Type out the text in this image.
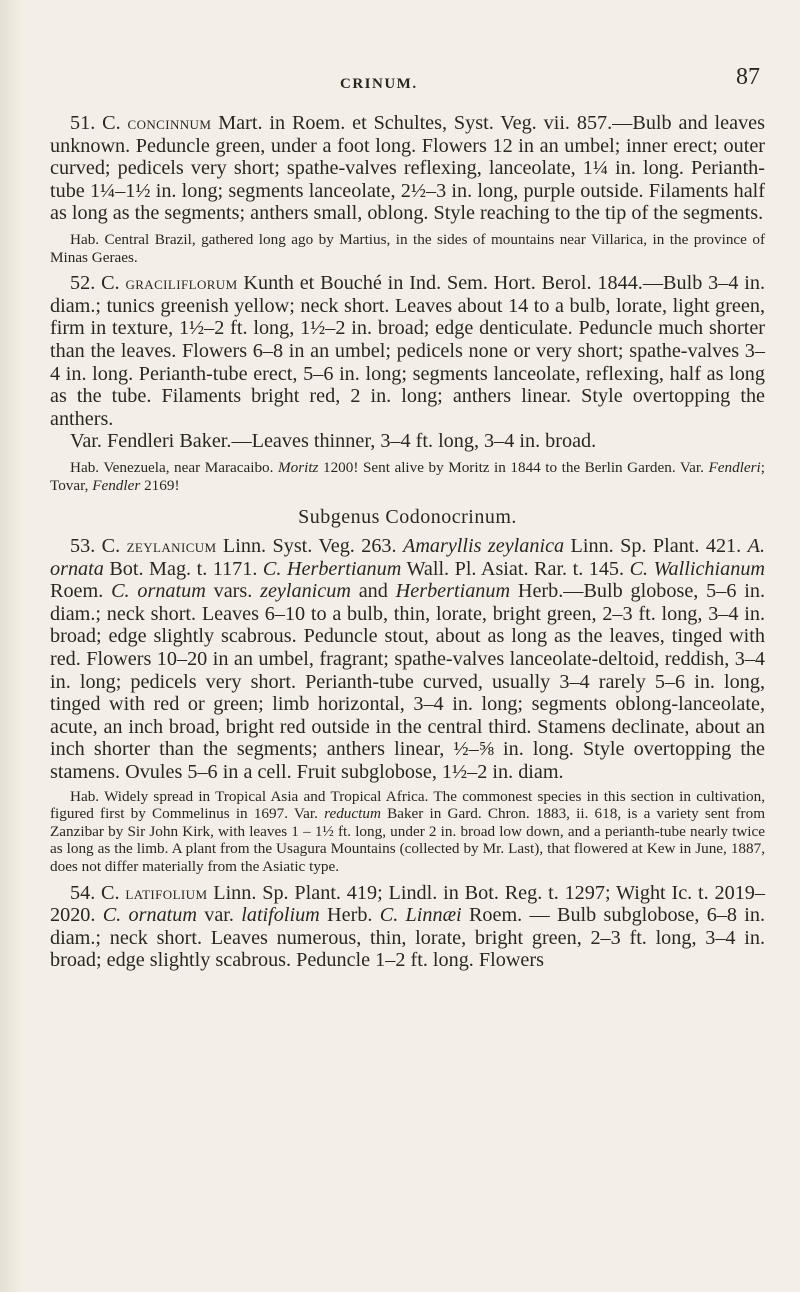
CRINUM.	87

51. C. concinnum Mart. in Roem. et Schultes, Syst. Veg. vii. 857.—Bulb and leaves unknown. Peduncle green, under a foot long. Flowers 12 in an umbel; inner erect; outer curved; pedicels very short; spathe-valves reflexing, lanceolate, 1¼ in. long. Perianth-tube 1¼–1½ in. long; segments lanceolate, 2½–3 in. long, purple outside. Filaments half as long as the segments; anthers small, oblong. Style reaching to the tip of the segments.

Hab. Central Brazil, gathered long ago by Martius, in the sides of mountains near Villarica, in the province of Minas Geraes.

52. C. graciliflorum Kunth et Bouché in Ind. Sem. Hort. Berol. 1844.—Bulb 3–4 in. diam.; tunics greenish yellow; neck short. Leaves about 14 to a bulb, lorate, light green, firm in texture, 1½–2 ft. long, 1½–2 in. broad; edge denticulate. Peduncle much shorter than the leaves. Flowers 6–8 in an umbel; pedicels none or very short; spathe-valves 3–4 in. long. Perianth-tube erect, 5–6 in. long; segments lanceolate, reflexing, half as long as the tube. Filaments bright red, 2 in. long; anthers linear. Style overtopping the anthers.

Var. Fendleri Baker.—Leaves thinner, 3–4 ft. long, 3–4 in. broad.

Hab. Venezuela, near Maracaibo. Moritz 1200! Sent alive by Moritz in 1844 to the Berlin Garden. Var. Fendleri; Tovar, Fendler 2169!

Subgenus Codonocrinum.

53. C. zeylanicum Linn. Syst. Veg. 263. Amaryllis zeylanica Linn. Sp. Plant. 421. A. ornata Bot. Mag. t. 1171. C. Herbertianum Wall. Pl. Asiat. Rar. t. 145. C. Wallichianum Roem. C. ornatum vars. zeylanicum and Herbertianum Herb.—Bulb globose, 5–6 in. diam.; neck short. Leaves 6–10 to a bulb, thin, lorate, bright green, 2–3 ft. long, 3–4 in. broad; edge slightly scabrous. Peduncle stout, about as long as the leaves, tinged with red. Flowers 10–20 in an umbel, fragrant; spathe-valves lanceolate-deltoid, reddish, 3–4 in. long; pedicels very short. Perianth-tube curved, usually 3–4 rarely 5–6 in. long, tinged with red or green; limb horizontal, 3–4 in. long; segments oblong-lanceolate, acute, an inch broad, bright red outside in the central third. Stamens declinate, about an inch shorter than the segments; anthers linear, ½–⅝ in. long. Style overtopping the stamens. Ovules 5–6 in a cell. Fruit subglobose, 1½–2 in. diam.

Hab. Widely spread in Tropical Asia and Tropical Africa. The commonest species in this section in cultivation, figured first by Commelinus in 1697. Var. reductum Baker in Gard. Chron. 1883, ii. 618, is a variety sent from Zanzibar by Sir John Kirk, with leaves 1 – 1½ ft. long, under 2 in. broad low down, and a perianth-tube nearly twice as long as the limb. A plant from the Usagura Mountains (collected by Mr. Last), that flowered at Kew in June, 1887, does not differ materially from the Asiatic type.

54. C. latifolium Linn. Sp. Plant. 419; Lindl. in Bot. Reg. t. 1297; Wight Ic. t. 2019–2020. C. ornatum var. latifolium Herb. C. Linnæi Roem. — Bulb subglobose, 6–8 in. diam.; neck short. Leaves numerous, thin, lorate, bright green, 2–3 ft. long, 3–4 in. broad; edge slightly scabrous. Peduncle 1–2 ft. long. Flowers
